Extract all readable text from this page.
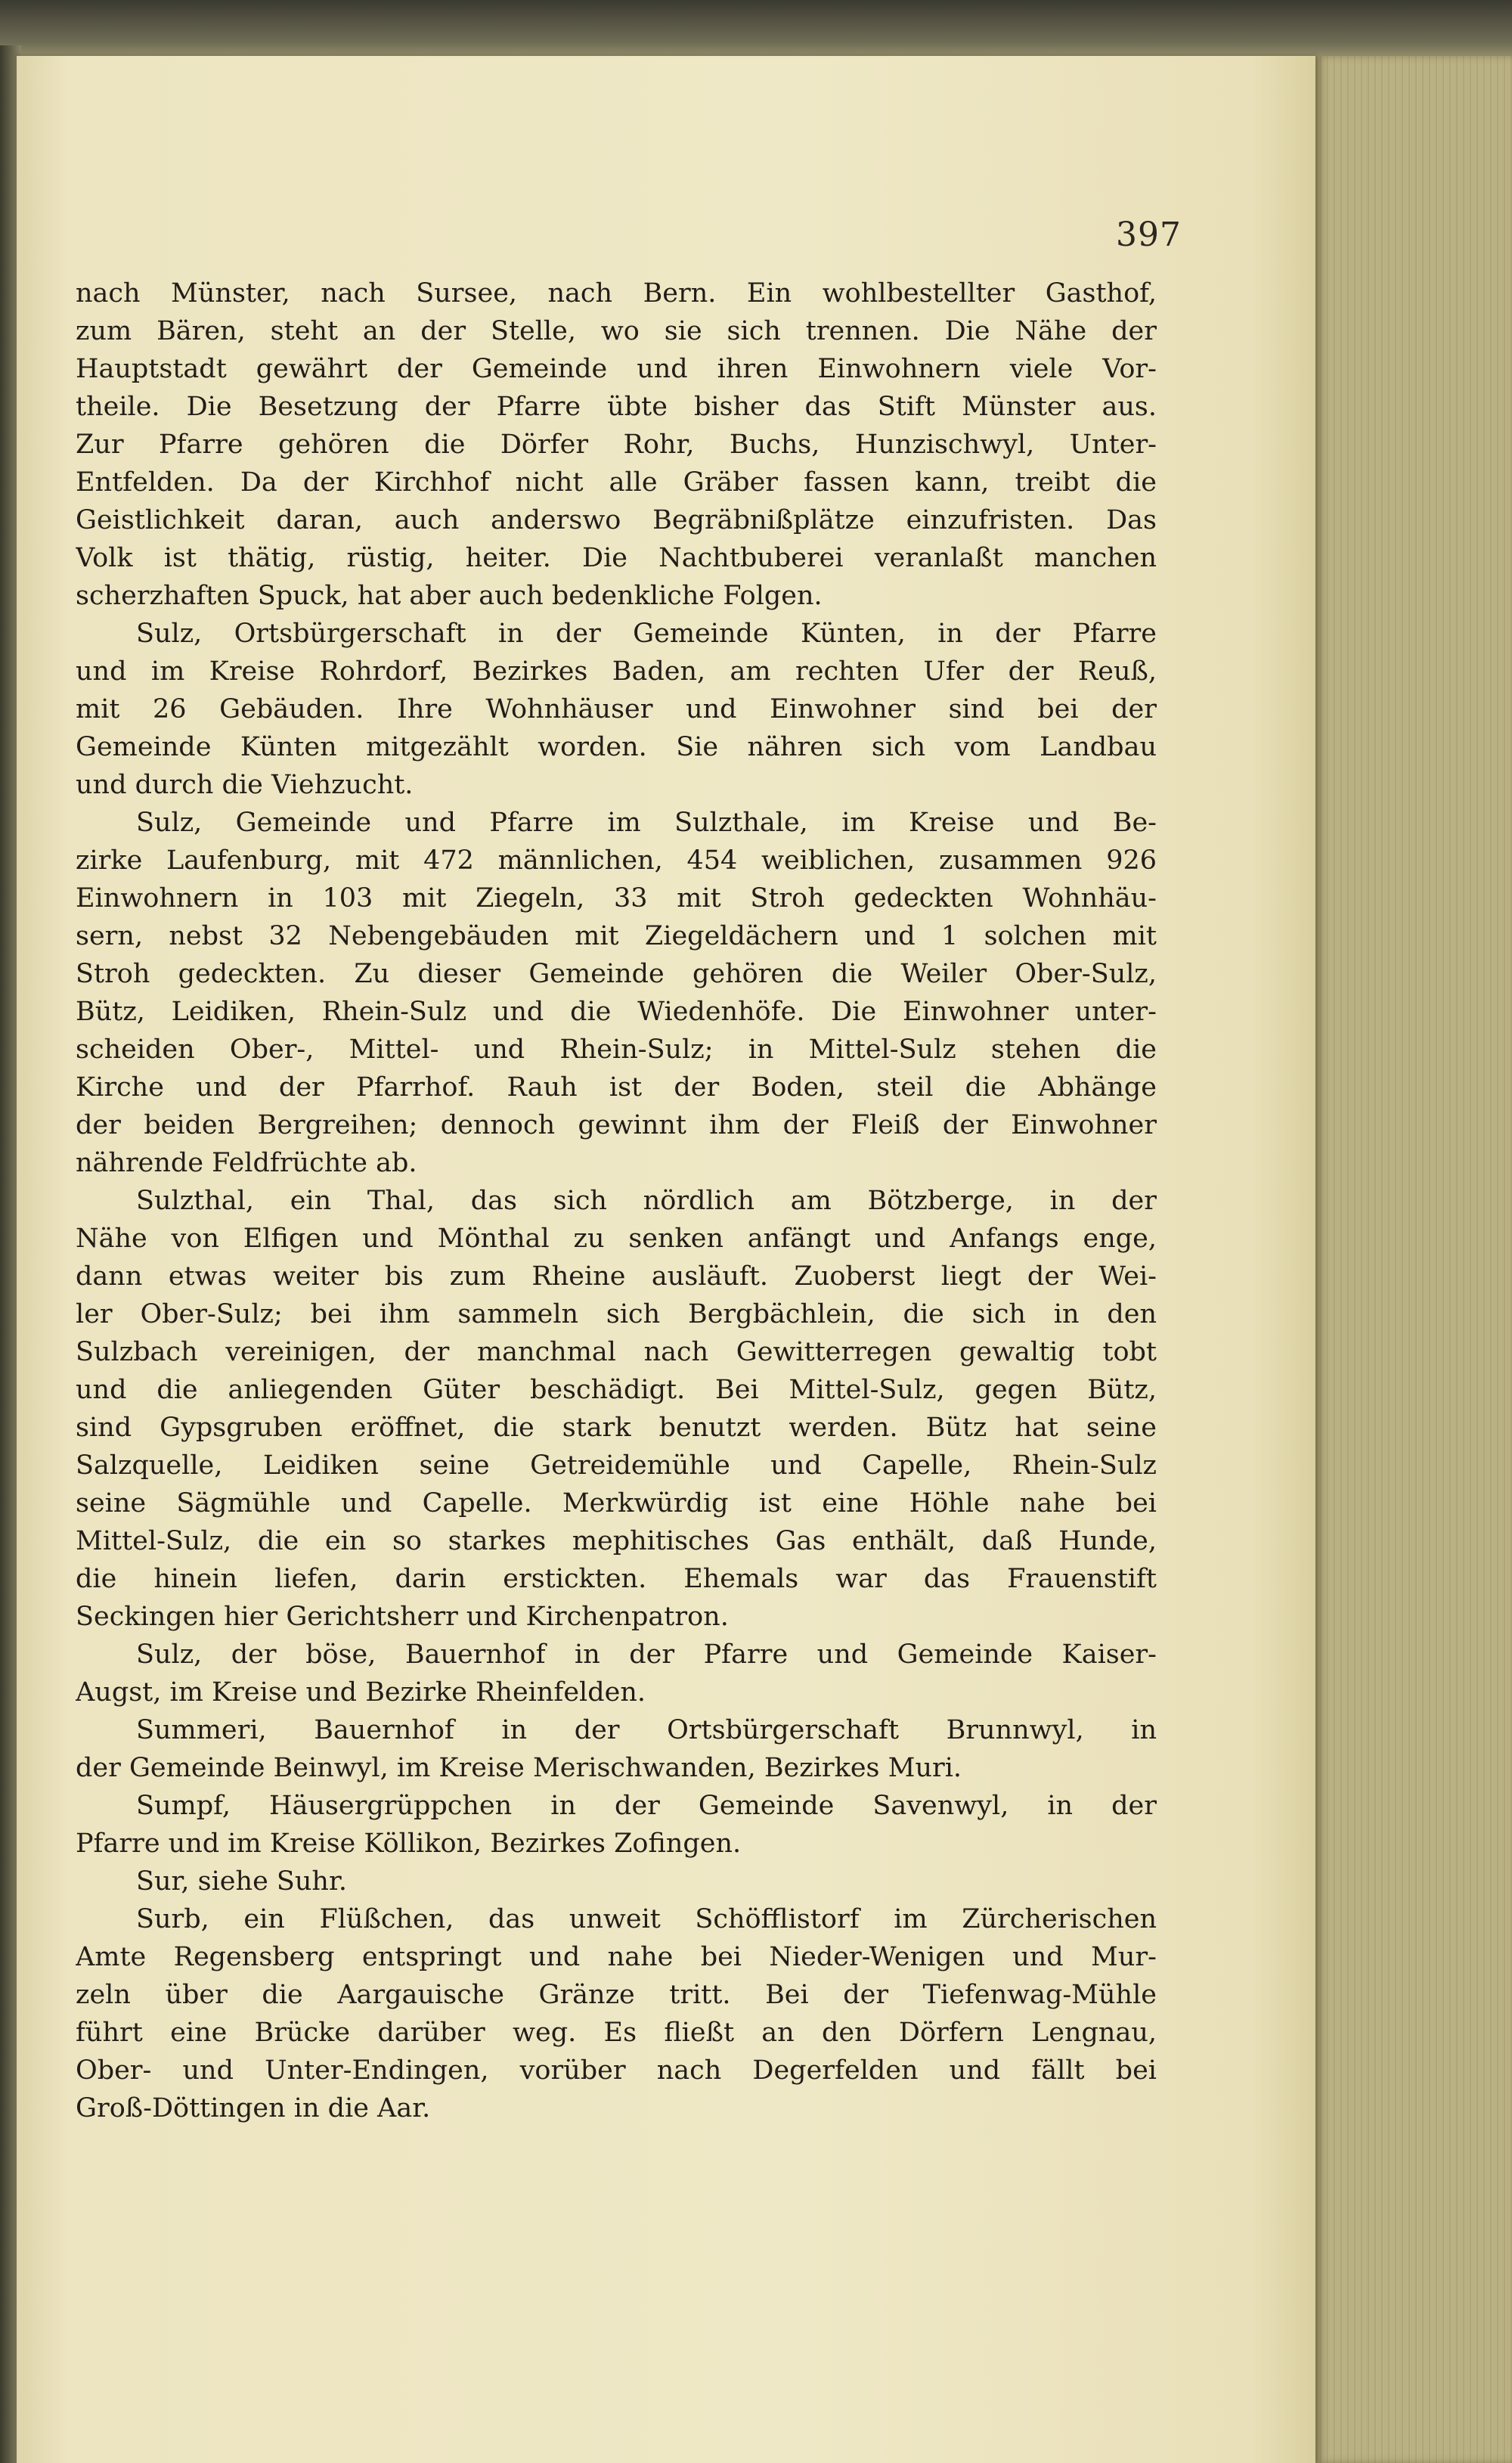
397
nach Münster, nach Sursee, nach Bern. Ein wohlbestellter Gasthof,
zum Bären, steht an der Stelle, wo sie sich trennen. Die Nähe der
Hauptstadt gewährt der Gemeinde und ihren Einwohnern viele Vor-
theile. Die Besetzung der Pfarre übte bisher das Stift Münster aus.
Zur Pfarre gehören die Dörfer Rohr, Buchs, Hunzischwyl, Unter-
Entfelden. Da der Kirchhof nicht alle Gräber fassen kann, treibt die
Geistlichkeit daran, auch anderswo Begräbnißplätze einzufristen. Das
Volk ist thätig, rüstig, heiter. Die Nachtbuberei veranlaßt manchen
scherzhaften Spuck, hat aber auch bedenkliche Folgen.
Sulz, Ortsbürgerschaft in der Gemeinde Künten, in der Pfarre
und im Kreise Rohrdorf, Bezirkes Baden, am rechten Ufer der Reuß,
mit 26 Gebäuden. Ihre Wohnhäuser und Einwohner sind bei der
Gemeinde Künten mitgezählt worden. Sie nähren sich vom Landbau
und durch die Viehzucht.
Sulz, Gemeinde und Pfarre im Sulzthale, im Kreise und Be-
zirke Laufenburg, mit 472 männlichen, 454 weiblichen, zusammen 926
Einwohnern in 103 mit Ziegeln, 33 mit Stroh gedeckten Wohnhäu-
sern, nebst 32 Nebengebäuden mit Ziegeldächern und 1 solchen mit
Stroh gedeckten. Zu dieser Gemeinde gehören die Weiler Ober-Sulz,
Bütz, Leidiken, Rhein-Sulz und die Wiedenhöfe. Die Einwohner unter-
scheiden Ober-, Mittel- und Rhein-Sulz; in Mittel-Sulz stehen die
Kirche und der Pfarrhof. Rauh ist der Boden, steil die Abhänge
der beiden Bergreihen; dennoch gewinnt ihm der Fleiß der Einwohner
nährende Feldfrüchte ab.
Sulzthal, ein Thal, das sich nördlich am Bötzberge, in der
Nähe von Elfigen und Mönthal zu senken anfängt und Anfangs enge,
dann etwas weiter bis zum Rheine ausläuft. Zuoberst liegt der Wei-
ler Ober-Sulz; bei ihm sammeln sich Bergbächlein, die sich in den
Sulzbach vereinigen, der manchmal nach Gewitterregen gewaltig tobt
und die anliegenden Güter beschädigt. Bei Mittel-Sulz, gegen Bütz,
sind Gypsgruben eröffnet, die stark benutzt werden. Bütz hat seine
Salzquelle, Leidiken seine Getreidemühle und Capelle, Rhein-Sulz
seine Sägmühle und Capelle. Merkwürdig ist eine Höhle nahe bei
Mittel-Sulz, die ein so starkes mephitisches Gas enthält, daß Hunde,
die hinein liefen, darin erstickten. Ehemals war das Frauenstift
Seckingen hier Gerichtsherr und Kirchenpatron.
Sulz, der böse, Bauernhof in der Pfarre und Gemeinde Kaiser-
Augst, im Kreise und Bezirke Rheinfelden.
Summeri, Bauernhof in der Ortsbürgerschaft Brunnwyl, in
der Gemeinde Beinwyl, im Kreise Merischwanden, Bezirkes Muri.
Sumpf, Häusergrüppchen in der Gemeinde Savenwyl, in der
Pfarre und im Kreise Köllikon, Bezirkes Zofingen.
Sur, siehe Suhr.
Surb, ein Flüßchen, das unweit Schöfflistorf im Zürcherischen
Amte Regensberg entspringt und nahe bei Nieder-Wenigen und Mur-
zeln über die Aargauische Gränze tritt. Bei der Tiefenwag-Mühle
führt eine Brücke darüber weg. Es fließt an den Dörfern Lengnau,
Ober- und Unter-Endingen, vorüber nach Degerfelden und fällt bei
Groß-Döttingen in die Aar.
